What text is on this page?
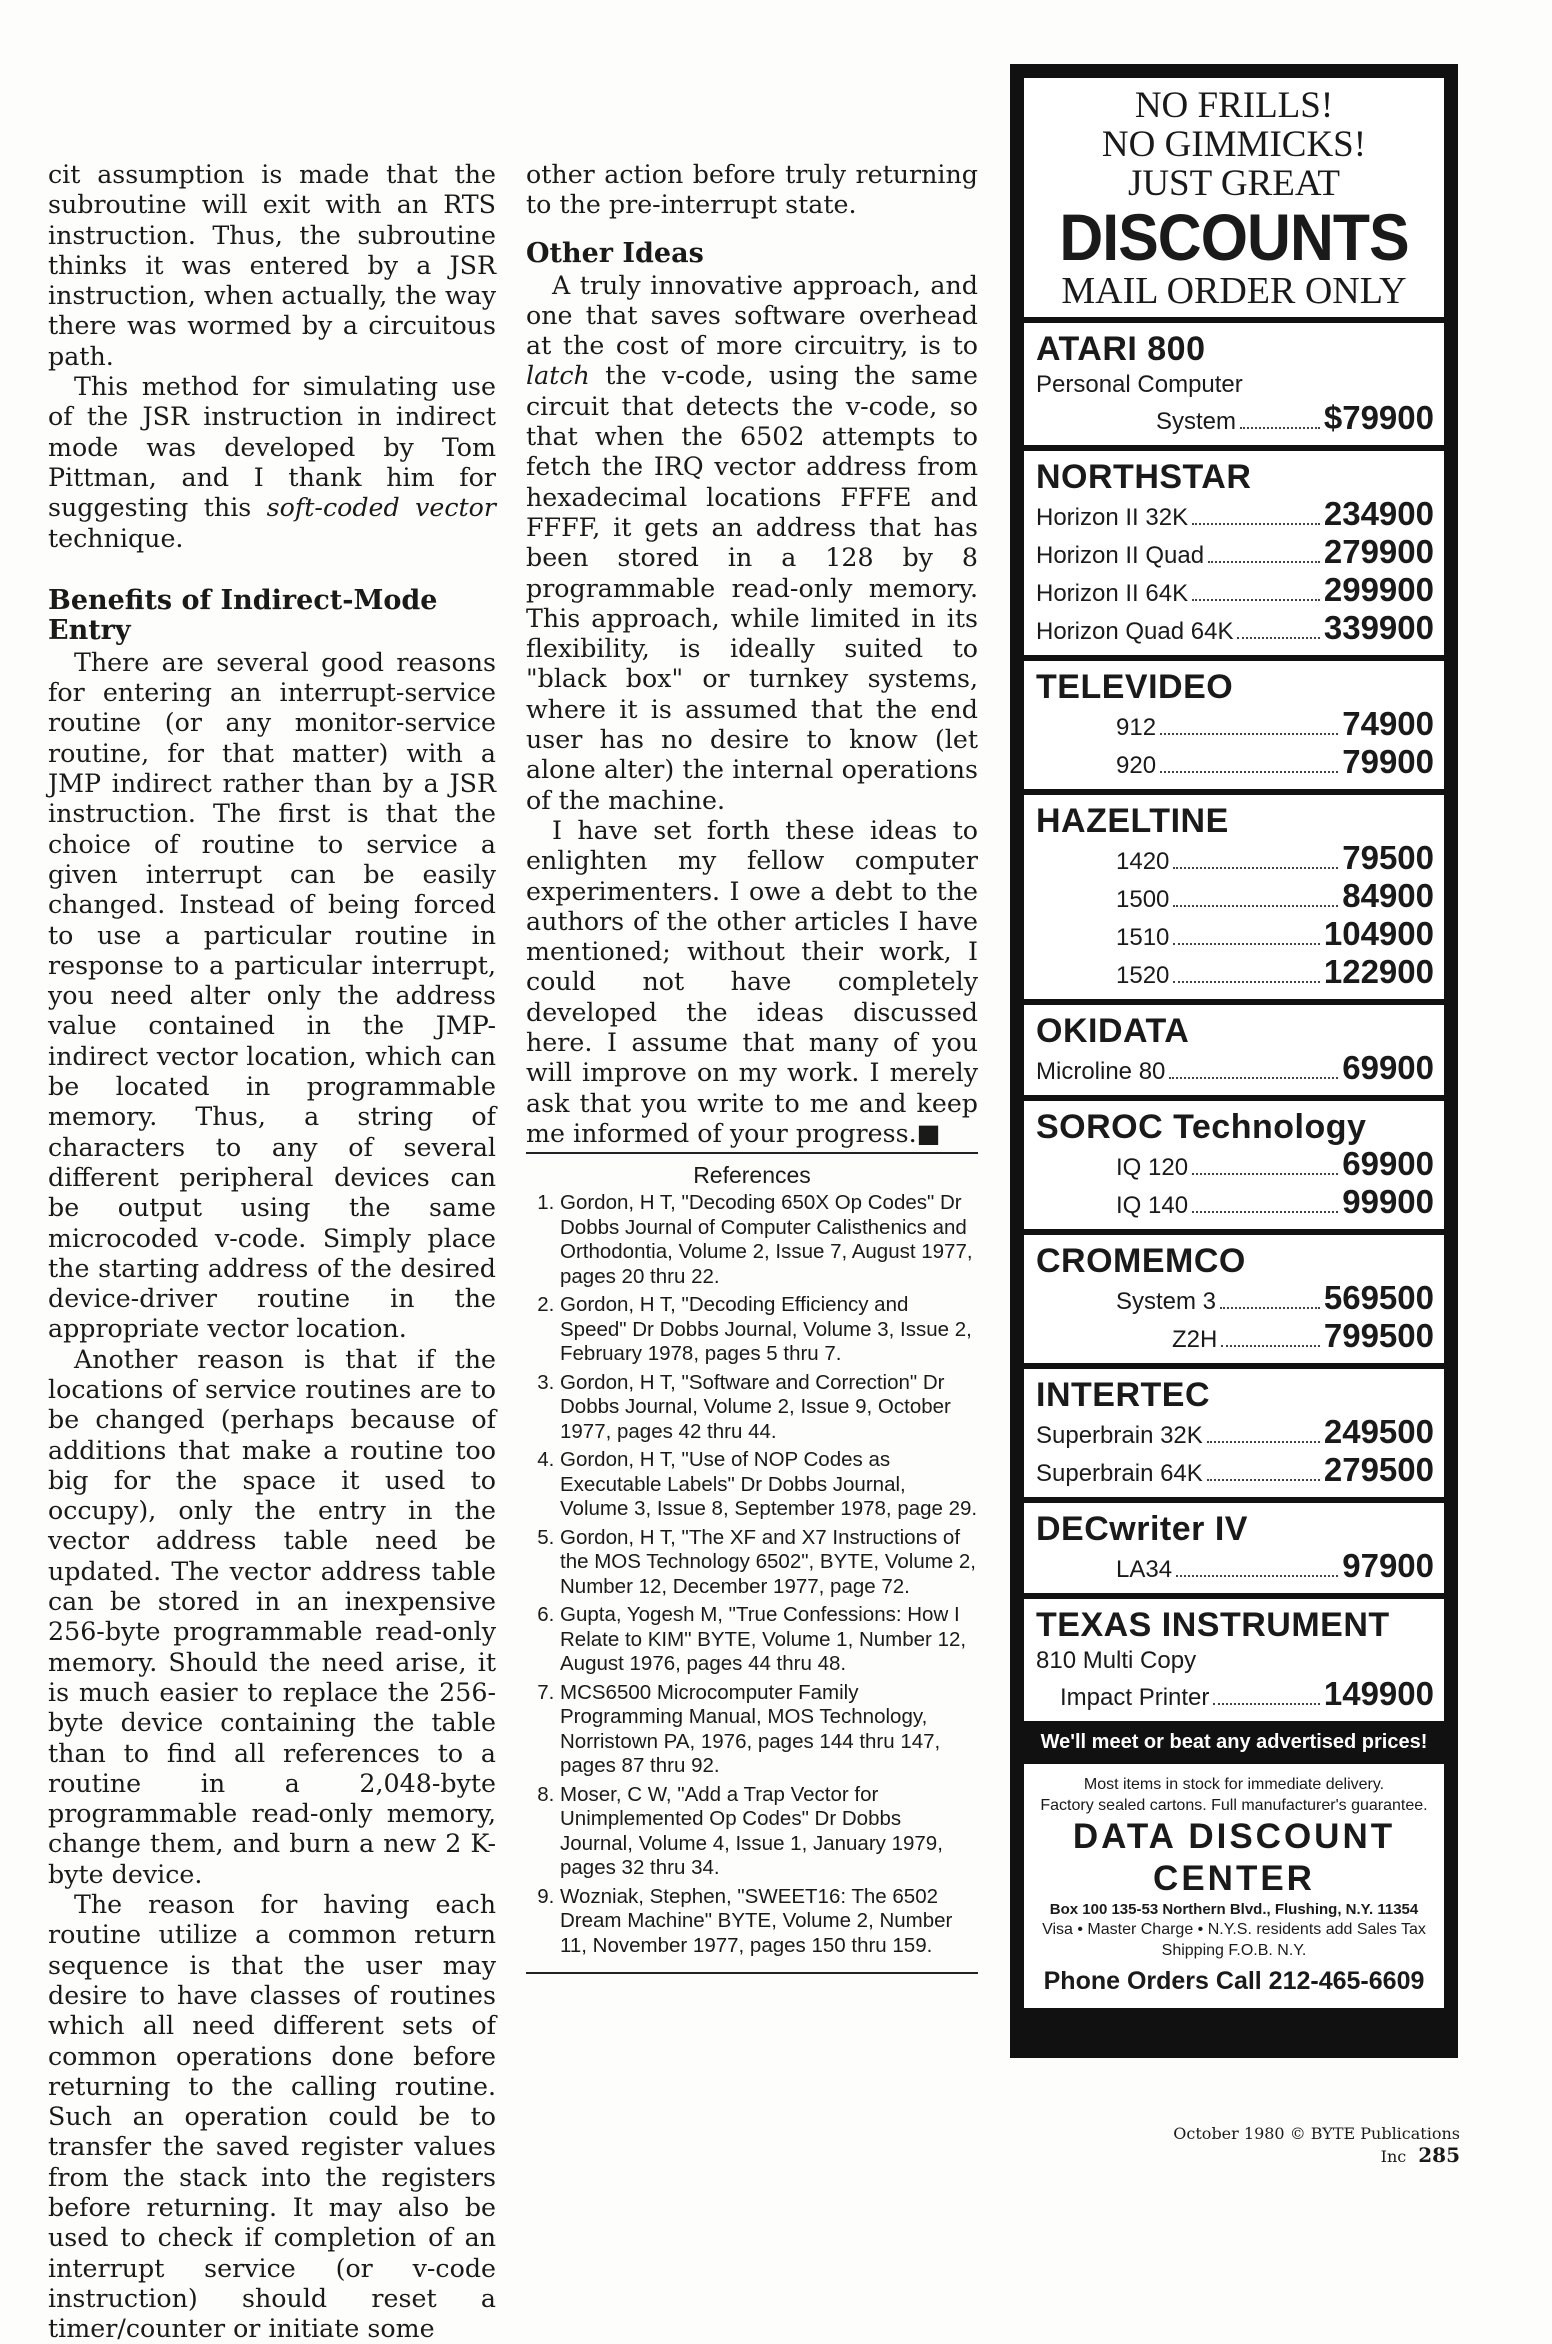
cit assumption is made that the subroutine will exit with an RTS instruction. Thus, the subroutine thinks it was entered by a JSR instruction, when actually, the way there was wormed by a circuitous path.

This method for simulating use of the JSR instruction in indirect mode was developed by Tom Pittman, and I thank him for suggesting this soft-coded vector technique.

Benefits of Indirect-Mode Entry

There are several good reasons for entering an interrupt-service routine (or any monitor-service routine, for that matter) with a JMP indirect rather than by a JSR instruction. The first is that the choice of routine to service a given interrupt can be easily changed. Instead of being forced to use a particular routine in response to a particular interrupt, you need alter only the address value contained in the JMP-indirect vector location, which can be located in programmable memory. Thus, a string of characters to any of several different peripheral devices can be output using the same microcoded v-code. Simply place the starting address of the desired device-driver routine in the appropriate vector location.

Another reason is that if the locations of service routines are to be changed (perhaps because of additions that make a routine too big for the space it used to occupy), only the entry in the vector address table need be updated. The vector address table can be stored in an inexpensive 256-byte programmable read-only memory. Should the need arise, it is much easier to replace the 256-byte device containing the table than to find all references to a routine in a 2,048-byte programmable read-only memory, change them, and burn a new 2 K-byte device.

The reason for having each routine utilize a common return sequence is that the user may desire to have classes of routines which all need different sets of common operations done before returning to the calling routine. Such an operation could be to transfer the saved register values from the stack into the registers before returning. It may also be used to check if completion of an interrupt service (or v-code instruction) should reset a timer/counter or initiate some

other action before truly returning to the pre-interrupt state.

Other Ideas

A truly innovative approach, and one that saves software overhead at the cost of more circuitry, is to latch the v-code, using the same circuit that detects the v-code, so that when the 6502 attempts to fetch the IRQ vector address from hexadecimal locations FFFE and FFFF, it gets an address that has been stored in a 128 by 8 programmable read-only memory. This approach, while limited in its flexibility, is ideally suited to "black box" or turnkey systems, where it is assumed that the end user has no desire to know (let alone alter) the internal operations of the machine.

I have set forth these ideas to enlighten my fellow computer experimenters. I owe a debt to the authors of the other articles I have mentioned; without their work, I could not have completely developed the ideas discussed here. I assume that many of you will improve on my work. I merely ask that you write to me and keep me informed of your progress.■

References
1. Gordon, H T, "Decoding 650X Op Codes" Dr Dobbs Journal of Computer Calisthenics and Orthodontia, Volume 2, Issue 7, August 1977, pages 20 thru 22.
2. Gordon, H T, "Decoding Efficiency and Speed" Dr Dobbs Journal, Volume 3, Issue 2, February 1978, pages 5 thru 7.
3. Gordon, H T, "Software and Correction" Dr Dobbs Journal, Volume 2, Issue 9, October 1977, pages 42 thru 44.
4. Gordon, H T, "Use of NOP Codes as Executable Labels" Dr Dobbs Journal, Volume 3, Issue 8, September 1978, page 29.
5. Gordon, H T, "The XF and X7 Instructions of the MOS Technology 6502", BYTE, Volume 2, Number 12, December 1977, page 72.
6. Gupta, Yogesh M, "True Confessions: How I Relate to KIM" BYTE, Volume 1, Number 12, August 1976, pages 44 thru 48.
7. MCS6500 Microcomputer Family Programming Manual, MOS Technology, Norristown PA, 1976, pages 144 thru 147, pages 87 thru 92.
8. Moser, C W, "Add a Trap Vector for Unimplemented Op Codes" Dr Dobbs Journal, Volume 4, Issue 1, January 1979, pages 32 thru 34.
9. Wozniak, Stephen, "SWEET16: The 6502 Dream Machine" BYTE, Volume 2, Number 11, November 1977, pages 150 thru 159.
NO FRILLS!
NO GIMMICKS!
JUST GREAT
DISCOUNTS
MAIL ORDER ONLY
ATARI 800
Personal Computer
System	$79900
NORTHSTAR
Horizon II 32K	234900
Horizon II Quad	279900
Horizon II 64K	299900
Horizon Quad 64K	339900
TELEVIDEO
912	74900
920	79900
HAZELTINE
1420	79500
1500	84900
1510	104900
1520	122900
OKIDATA
Microline 80	69900
SOROC Technology
IQ 120	69900
IQ 140	99900
CROMEMCO
System 3	569500
Z2H	799500
INTERTEC
Superbrain 32K	249500
Superbrain 64K	279500
DECwriter IV
LA34	97900
TEXAS INSTRUMENT
810 Multi Copy
Impact Printer	149900
We'll meet or beat any advertised prices!
Most items in stock for immediate delivery.
Factory sealed cartons. Full manufacturer's guarantee.
DATA DISCOUNT CENTER
Box 100 135-53 Northern Blvd., Flushing, N.Y. 11354
Visa • Master Charge • N.Y.S. residents add Sales Tax
Shipping F.O.B. N.Y.
Phone Orders Call 212-465-6609
October 1980 © BYTE Publications Inc 285
